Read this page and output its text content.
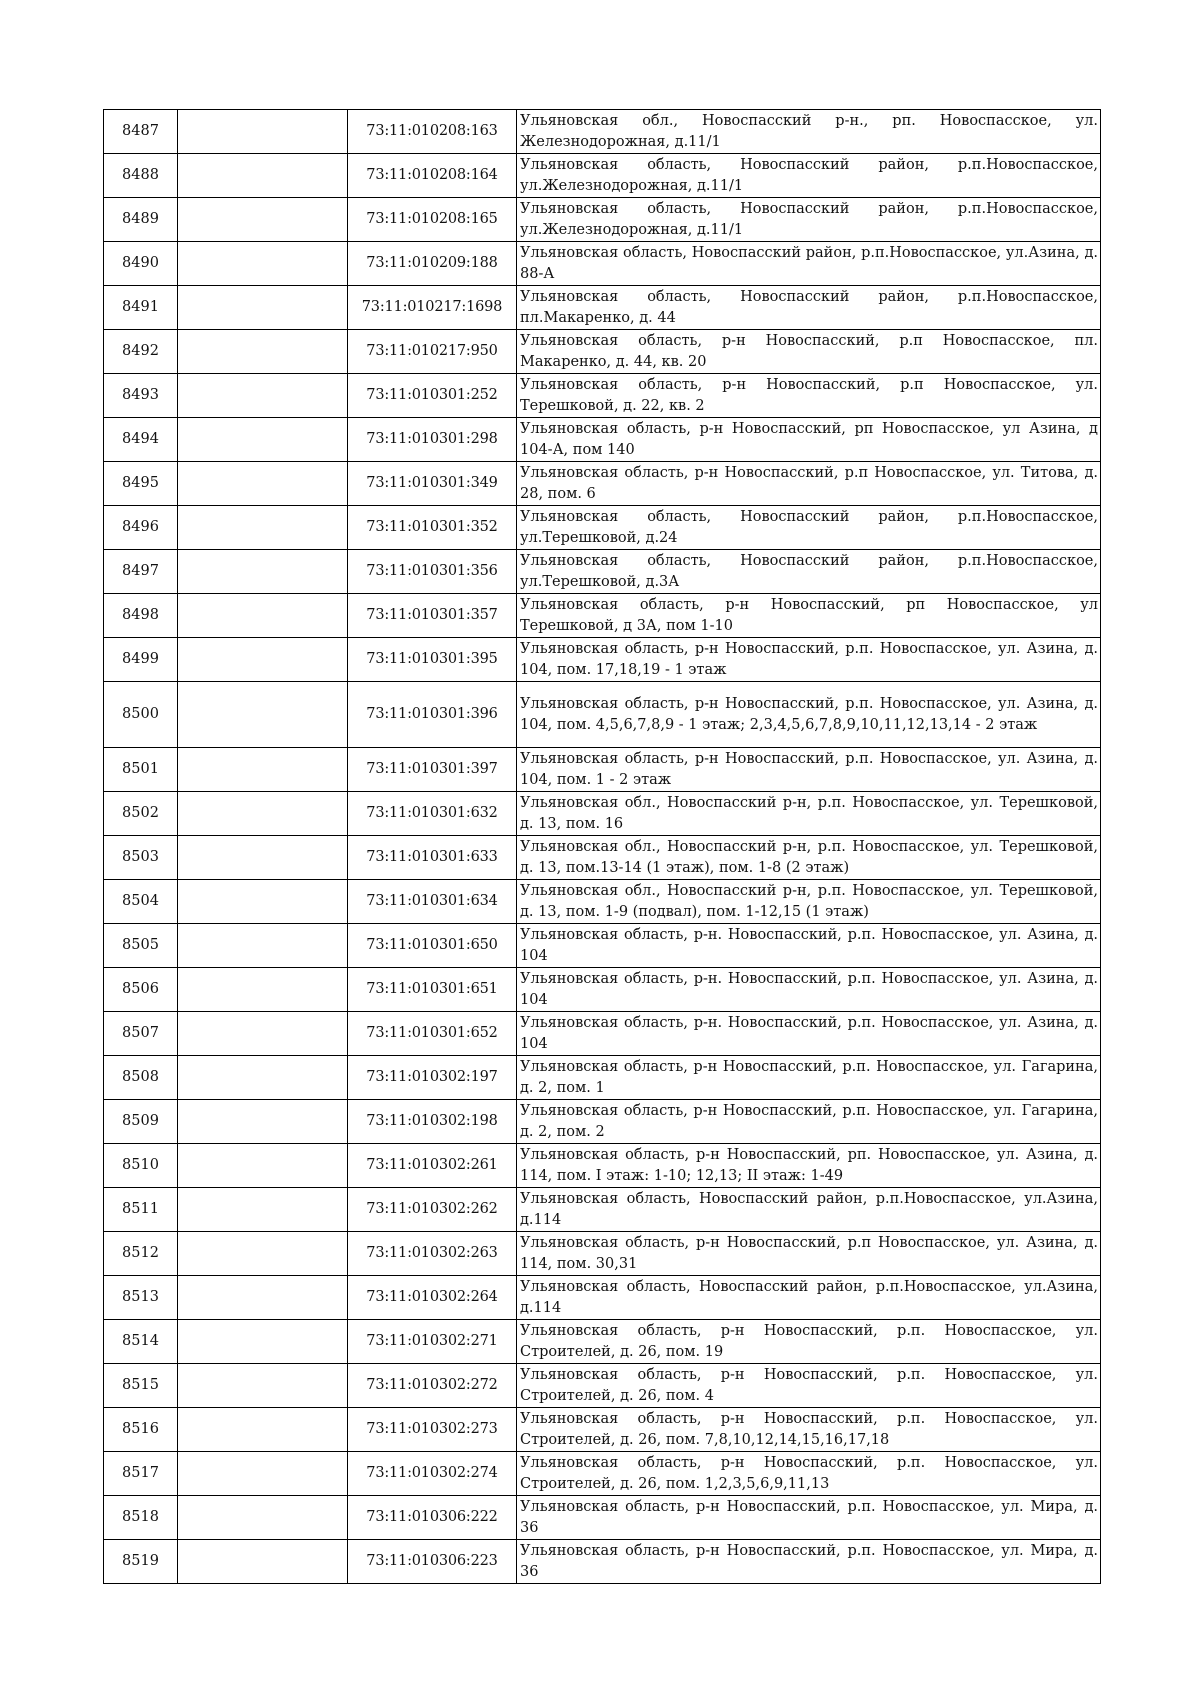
8487		73:11:010208:163	Ульяновская обл., Новоспасский р-н., рп. Новоспасское, ул. Железнодорожная, д.11/1
8488		73:11:010208:164	Ульяновская область, Новоспасский район, р.п.Новоспасское, ул.Железнодорожная, д.11/1
8489		73:11:010208:165	Ульяновская область, Новоспасский район, р.п.Новоспасское, ул.Железнодорожная, д.11/1
8490		73:11:010209:188	Ульяновская область, Новоспасский район, р.п.Новоспасское, ул.Азина, д. 88-А
8491		73:11:010217:1698	Ульяновская область, Новоспасский район, р.п.Новоспасское, пл.Макаренко, д. 44
8492		73:11:010217:950	Ульяновская область, р-н Новоспасский, р.п Новоспасское, пл. Макаренко, д. 44, кв. 20
8493		73:11:010301:252	Ульяновская область, р-н Новоспасский, р.п Новоспасское, ул. Терешковой, д. 22, кв. 2
8494		73:11:010301:298	Ульяновская область, р-н Новоспасский, рп Новоспасское, ул Азина, д 104-А, пом 140
8495		73:11:010301:349	Ульяновская область, р-н Новоспасский, р.п Новоспасское, ул. Титова, д. 28, пом. 6
8496		73:11:010301:352	Ульяновская область, Новоспасский район, р.п.Новоспасское, ул.Терешковой, д.24
8497		73:11:010301:356	Ульяновская область, Новоспасский район, р.п.Новоспасское, ул.Терешковой, д.3А
8498		73:11:010301:357	Ульяновская область, р-н Новоспасский, рп Новоспасское, ул Терешковой, д 3А, пом 1-10
8499		73:11:010301:395	Ульяновская область, р-н Новоспасский, р.п. Новоспасское, ул. Азина, д. 104, пом. 17,18,19 - 1 этаж
8500		73:11:010301:396	Ульяновская область, р-н Новоспасский, р.п. Новоспасское, ул. Азина, д. 104, пом. 4,5,6,7,8,9 - 1 этаж; 2,3,4,5,6,7,8,9,10,11,12,13,14 - 2 этаж
8501		73:11:010301:397	Ульяновская область, р-н Новоспасский, р.п. Новоспасское, ул. Азина, д. 104, пом. 1 - 2 этаж
8502		73:11:010301:632	Ульяновская обл., Новоспасский р-н, р.п. Новоспасское, ул. Терешковой, д. 13, пом. 16
8503		73:11:010301:633	Ульяновская обл., Новоспасский р-н, р.п. Новоспасское, ул. Терешковой, д. 13, пом.13-14 (1 этаж), пом. 1-8 (2 этаж)
8504		73:11:010301:634	Ульяновская обл., Новоспасский р-н, р.п. Новоспасское, ул. Терешковой, д. 13, пом. 1-9 (подвал), пом. 1-12,15 (1 этаж)
8505		73:11:010301:650	Ульяновская область, р-н. Новоспасский, р.п. Новоспасское, ул. Азина, д. 104
8506		73:11:010301:651	Ульяновская область, р-н. Новоспасский, р.п. Новоспасское, ул. Азина, д. 104
8507		73:11:010301:652	Ульяновская область, р-н. Новоспасский, р.п. Новоспасское, ул. Азина, д. 104
8508		73:11:010302:197	Ульяновская область, р-н Новоспасский, р.п. Новоспасское, ул. Гагарина, д. 2, пом. 1
8509		73:11:010302:198	Ульяновская область, р-н Новоспасский, р.п. Новоспасское, ул. Гагарина, д. 2, пом. 2
8510		73:11:010302:261	Ульяновская область, р-н Новоспасский, рп. Новоспасское, ул. Азина, д. 114, пом. I этаж: 1-10; 12,13; II этаж: 1-49
8511		73:11:010302:262	Ульяновская область, Новоспасский район, р.п.Новоспасское, ул.Азина, д.114
8512		73:11:010302:263	Ульяновская область, р-н Новоспасский, р.п Новоспасское, ул. Азина, д. 114, пом. 30,31
8513		73:11:010302:264	Ульяновская область, Новоспасский район, р.п.Новоспасское, ул.Азина, д.114
8514		73:11:010302:271	Ульяновская область, р-н Новоспасский, р.п. Новоспасское, ул. Строителей, д. 26, пом. 19
8515		73:11:010302:272	Ульяновская область, р-н Новоспасский, р.п. Новоспасское, ул. Строителей, д. 26, пом. 4
8516		73:11:010302:273	Ульяновская область, р-н Новоспасский, р.п. Новоспасское, ул. Строителей, д. 26, пом. 7,8,10,12,14,15,16,17,18
8517		73:11:010302:274	Ульяновская область, р-н Новоспасский, р.п. Новоспасское, ул. Строителей, д. 26, пом. 1,2,3,5,6,9,11,13
8518		73:11:010306:222	Ульяновская область, р-н Новоспасский, р.п. Новоспасское, ул. Мира, д. 36
8519		73:11:010306:223	Ульяновская область, р-н Новоспасский, р.п. Новоспасское, ул. Мира, д. 36
